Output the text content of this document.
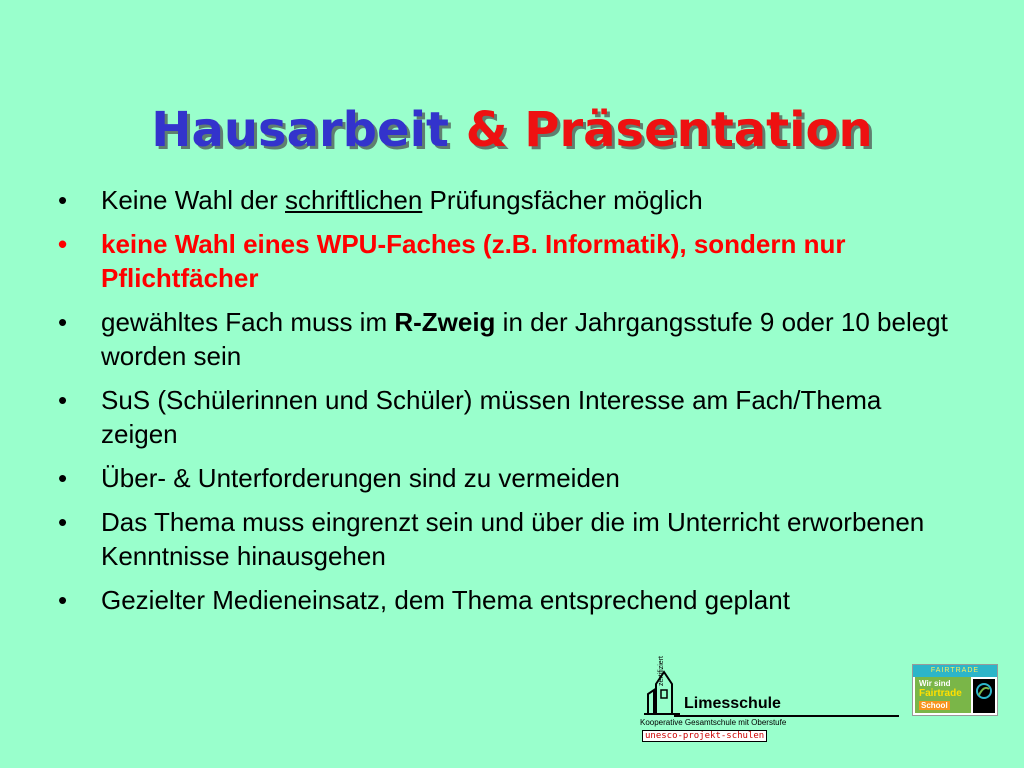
Hausarbeit & Präsentation
• Keine Wahl der schriftlichen Prüfungsfächer möglich
• keine Wahl eines WPU-Faches (z.B. Informatik), sondern nur Pflichtfächer
• gewähltes Fach muss im R-Zweig in der Jahrgangsstufe 9 oder 10 belegt worden sein
• SuS (Schülerinnen und Schüler) müssen Interesse am Fach/Thema zeigen
• Über- & Unterforderungen sind zu vermeiden
• Das Thema muss eingrenzt sein und über die im Unterricht erworbenen Kenntnisse hinausgehen
• Gezielter Medieneinsatz, dem Thema entsprechend geplant
zertifiziert
Limesschule
Kooperative Gesamtschule mit Oberstufe
unesco-projekt-schulen
FAIRTRADE
Wir sind
Fairtrade
School
